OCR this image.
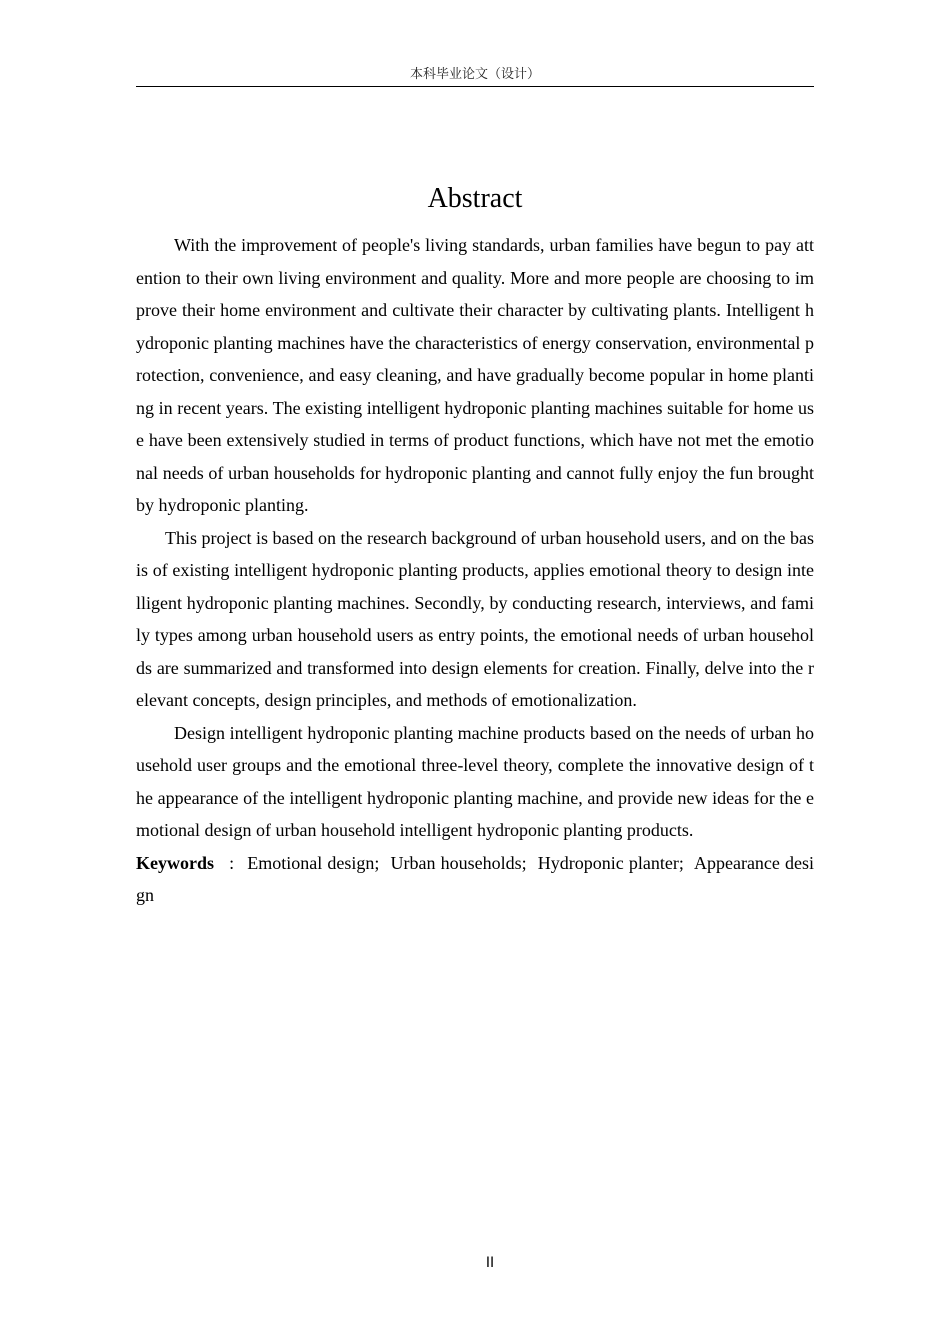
本科毕业论文（设计）
Abstract

With the improvement of people's living standards, urban families have begun to pay attention to their own living environment and quality. More and more people are choosing to improve their home environment and cultivate their character by cultivating plants. Intelligent hydroponic planting machines have the characteristics of energy conservation, environmental protection, convenience, and easy cleaning, and have gradually become popular in home planting in recent years. The existing intelligent hydroponic planting machines suitable for home use have been extensively studied in terms of product functions, which have not met the emotional needs of urban households for hydroponic planting and cannot fully enjoy the fun brought by hydroponic planting.

This project is based on the research background of urban household users, and on the basis of existing intelligent hydroponic planting products, applies emotional theory to design intelligent hydroponic planting machines. Secondly, by conducting research, interviews, and family types among urban household users as entry points, the emotional needs of urban households are summarized and transformed into design elements for creation. Finally, delve into the relevant concepts, design principles, and methods of emotionalization.

Design intelligent hydroponic planting machine products based on the needs of urban household user groups and the emotional three-level theory, complete the innovative design of the appearance of the intelligent hydroponic planting machine, and provide new ideas for the emotional design of urban household intelligent hydroponic planting products.

Keywords : Emotional design; Urban households; Hydroponic planter; Appearance design

II
